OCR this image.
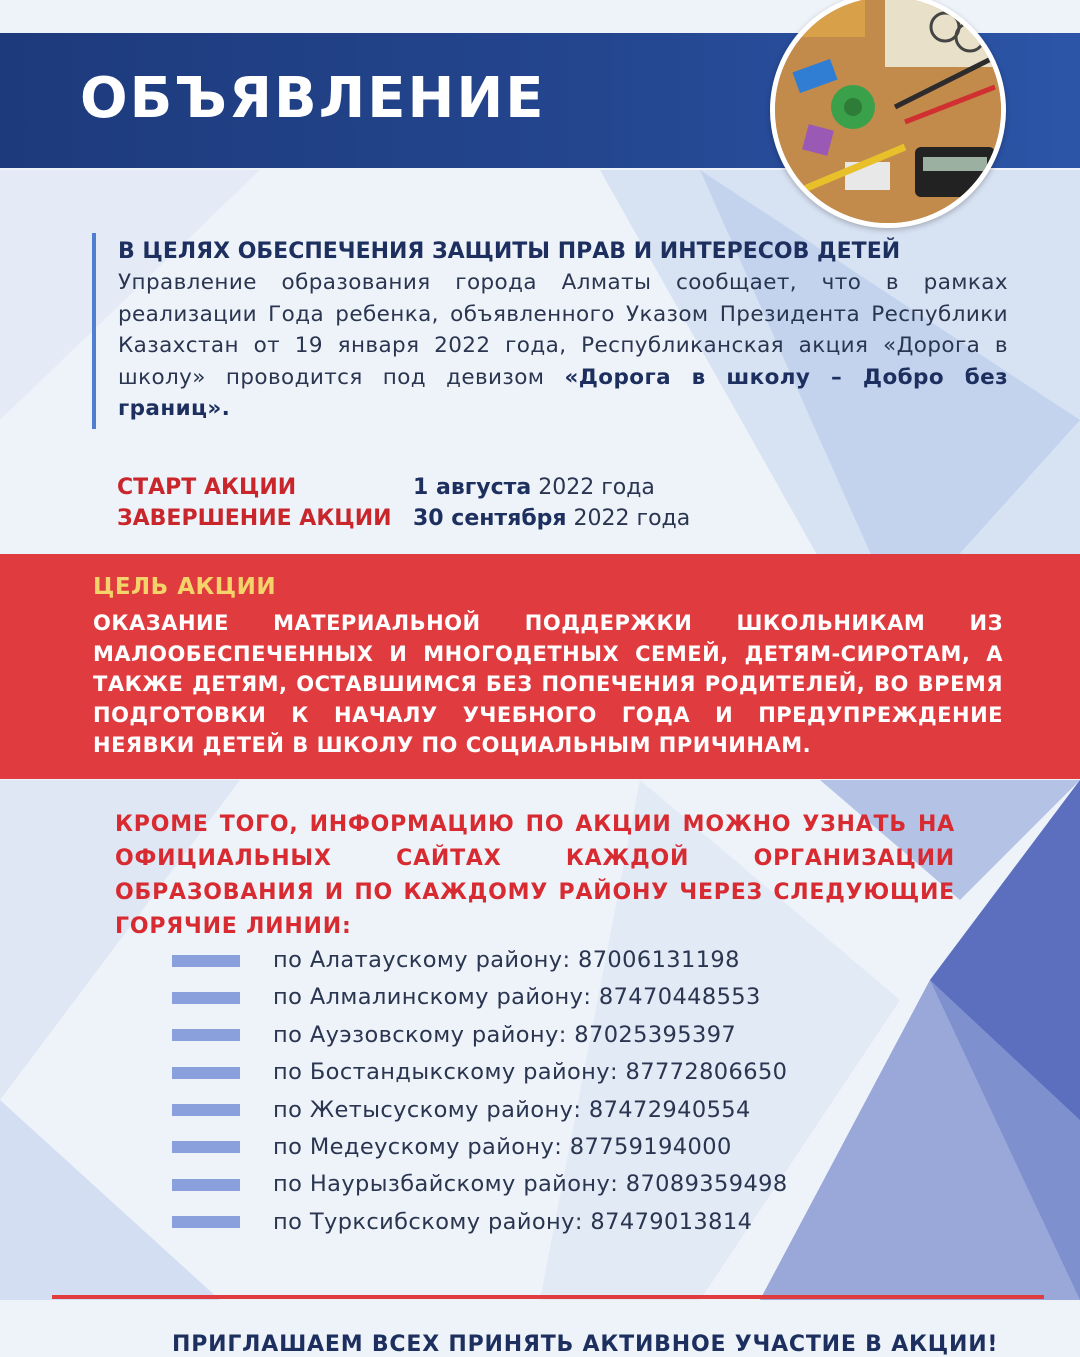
ОБЪЯВЛЕНИЕ
В ЦЕЛЯХ ОБЕСПЕЧЕНИЯ ЗАЩИТЫ ПРАВ И ИНТЕРЕСОВ ДЕТЕЙ
Управление образования города Алматы сообщает, что в рамках реализации Года ребенка, объявленного Указом Президента Республики Казахстан от 19 января 2022 года, Республиканская акция «Дорога в школу» проводится под девизом «Дорога в школу – Добро без границ».
СТАРТ АКЦИИ	1 августа 2022 года
ЗАВЕРШЕНИЕ АКЦИИ 30 сентября 2022 года
ЦЕЛЬ АКЦИИ
ОКАЗАНИЕ МАТЕРИАЛЬНОЙ ПОДДЕРЖКИ ШКОЛЬНИКАМ ИЗ МАЛООБЕСПЕЧЕННЫХ И МНОГОДЕТНЫХ СЕМЕЙ, ДЕТЯМ-СИРОТАМ, А ТАКЖЕ ДЕТЯМ, ОСТАВШИМСЯ БЕЗ ПОПЕЧЕНИЯ РОДИТЕЛЕЙ, ВО ВРЕМЯ ПОДГОТОВКИ К НАЧАЛУ УЧЕБНОГО ГОДА И ПРЕДУПРЕЖДЕНИЕ НЕЯВКИ ДЕТЕЙ В ШКОЛУ ПО СОЦИАЛЬНЫМ ПРИЧИНАМ.
КРОМЕ ТОГО, ИНФОРМАЦИЮ ПО АКЦИИ МОЖНО УЗНАТЬ НА ОФИЦИАЛЬНЫХ САЙТАХ КАЖДОЙ ОРГАНИЗАЦИИ ОБРАЗОВАНИЯ И ПО КАЖДОМУ РАЙОНУ ЧЕРЕЗ СЛЕДУЮЩИЕ ГОРЯЧИЕ ЛИНИИ:
по Алатаускому району: 87006131198
по Алмалинскому району: 87470448553
по Ауэзовскому району: 87025395397
по Бостандыкскому району: 87772806650
по Жетысускому району: 87472940554
по Медеускому району: 87759194000
по Наурызбайскому району: 87089359498
по Турксибскому району: 87479013814
ПРИГЛАШАЕМ ВСЕХ ПРИНЯТЬ АКТИВНОЕ УЧАСТИЕ В АКЦИИ!
